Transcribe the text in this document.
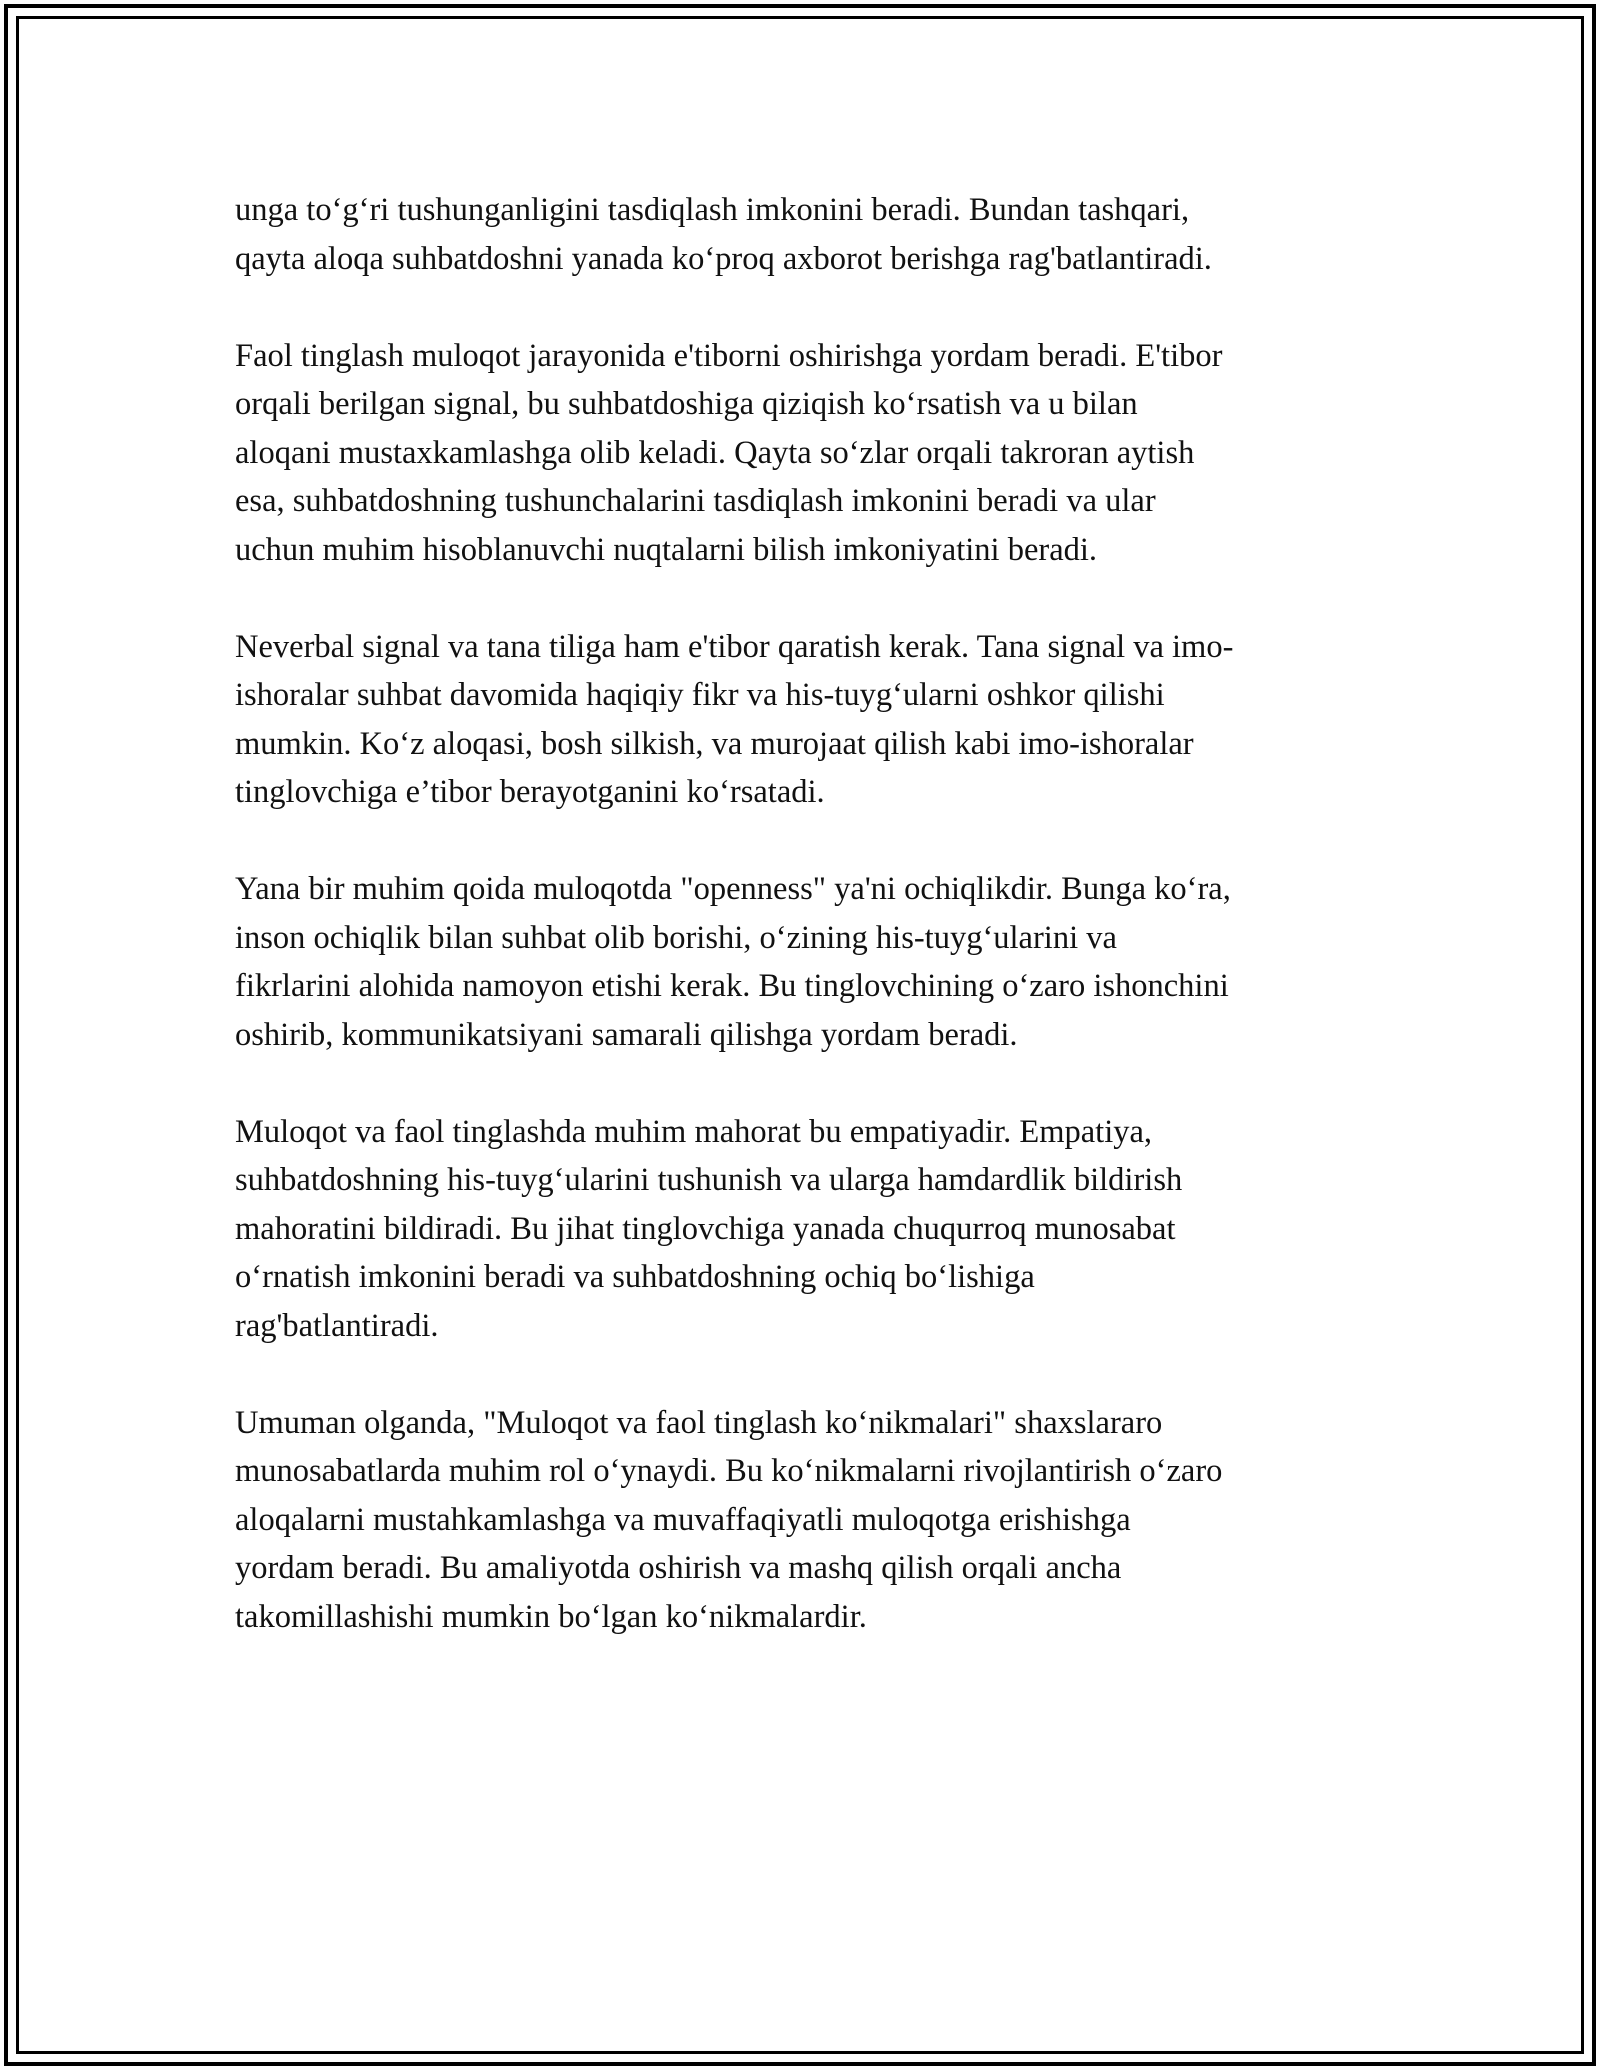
unga to‘g‘ri tushunganligini tasdiqlash imkonini beradi. Bundan tashqari,
qayta aloqa suhbatdoshni yanada ko‘proq axborot berishga rag'batlantiradi.

Faol tinglash muloqot jarayonida e'tiborni oshirishga yordam beradi. E'tibor
orqali berilgan signal, bu suhbatdoshiga qiziqish ko‘rsatish va u bilan
aloqani mustaxkamlashga olib keladi. Qayta so‘zlar orqali takroran aytish
esa, suhbatdoshning tushunchalarini tasdiqlash imkonini beradi va ular
uchun muhim hisoblanuvchi nuqtalarni bilish imkoniyatini beradi.

Neverbal signal va tana tiliga ham e'tibor qaratish kerak. Tana signal va imo-
ishoralar suhbat davomida haqiqiy fikr va his-tuyg‘ularni oshkor qilishi
mumkin. Ko‘z aloqasi, bosh silkish, va murojaat qilish kabi imo-ishoralar
tinglovchiga e’tibor berayotganini ko‘rsatadi.

Yana bir muhim qoida muloqotda "openness" ya'ni ochiqlikdir. Bunga ko‘ra,
inson ochiqlik bilan suhbat olib borishi, o‘zining his-tuyg‘ularini va
fikrlarini alohida namoyon etishi kerak. Bu tinglovchining o‘zaro ishonchini
oshirib, kommunikatsiyani samarali qilishga yordam beradi.

Muloqot va faol tinglashda muhim mahorat bu empatiyadir. Empatiya,
suhbatdoshning his-tuyg‘ularini tushunish va ularga hamdardlik bildirish
mahoratini bildiradi. Bu jihat tinglovchiga yanada chuqurroq munosabat
o‘rnatish imkonini beradi va suhbatdoshning ochiq bo‘lishiga
rag'batlantiradi.

Umuman olganda, "Muloqot va faol tinglash ko‘nikmalari" shaxslararo
munosabatlarda muhim rol o‘ynaydi. Bu ko‘nikmalarni rivojlantirish o‘zaro
aloqalarni mustahkamlashga va muvaffaqiyatli muloqotga erishishga
yordam beradi. Bu amaliyotda oshirish va mashq qilish orqali ancha
takomillashishi mumkin bo‘lgan ko‘nikmalardir.
